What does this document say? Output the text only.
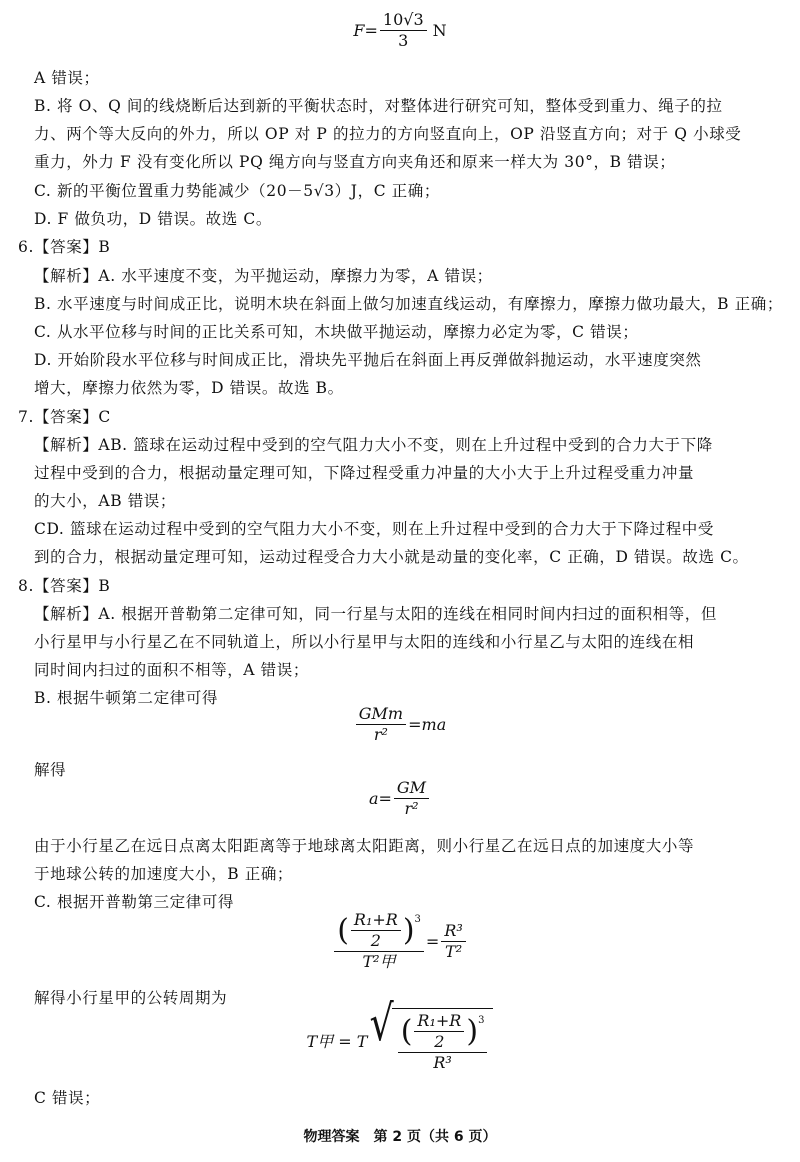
$F= \frac{10√3}{3}$ N
A 错误；
B. 将 O、Q 间的线烧断后达到新的平衡状态时，对整体进行研究可知，整体受到重力、绳子的拉
力、两个等大反向的外力，所以 OP 对 P 的拉力的方向竖直向上，OP 沿竖直方向；对于 Q 小球受
重力，外力 F 没有变化所以 PQ 绳方向与竖直方向夹角还和原来一样大为 30°，B 错误；
C. 新的平衡位置重力势能减少（20－5√3）J，C 正确；
D. F 做负功，D 错误。故选 C。
6.【答案】B
【解析】A. 水平速度不变，为平抛运动，摩擦力为零，A 错误；
B. 水平速度与时间成正比，说明木块在斜面上做匀加速直线运动，有摩擦力，摩擦力做功最大，B 正确；
C. 从水平位移与时间的正比关系可知，木块做平抛运动，摩擦力必定为零，C 错误；
D. 开始阶段水平位移与时间成正比，滑块先平抛后在斜面上再反弹做斜抛运动，水平速度突然
增大，摩擦力依然为零，D 错误。故选 B。
7.【答案】C
【解析】AB. 篮球在运动过程中受到的空气阻力大小不变，则在上升过程中受到的合力大于下降
过程中受到的合力，根据动量定理可知，下降过程受重力冲量的大小大于上升过程受重力冲量
的大小，AB 错误；
CD. 篮球在运动过程中受到的空气阻力大小不变，则在上升过程中受到的合力大于下降过程中受
到的合力，根据动量定理可知，运动过程受合力大小就是动量的变化率，C 正确，D 错误。故选 C。
8.【答案】B
【解析】A. 根据开普勒第二定律可知，同一行星与太阳的连线在相同时间内扫过的面积相等，但
小行星甲与小行星乙在不同轨道上，所以小行星甲与太阳的连线和小行星乙与太阳的连线在相
同时间内扫过的面积不相等，A 错误；
B. 根据牛顿第二定律可得
$\frac{\text{GMm}}{\text{r²}} =ma$
解得
$a= \frac{GM}{\text{r²}}$
由于小行星乙在远日点离太阳距离等于地球离太阳距离，则小行星乙在远日点的加速度大小等
于地球公转的加速度大小，B 正确；
C. 根据开普勒第三定律可得
( $\frac{\text{R₁+R}}{2} )^3$
T²甲
= $\frac{\text{R³}}{\text{T²}}$
解得小行星甲的公转周期为
T甲 = T √ ( $\frac{\text{R₁+R}}{2} )^3$
R³
C 错误；
物理答案　第 2 页（共 6 页）
